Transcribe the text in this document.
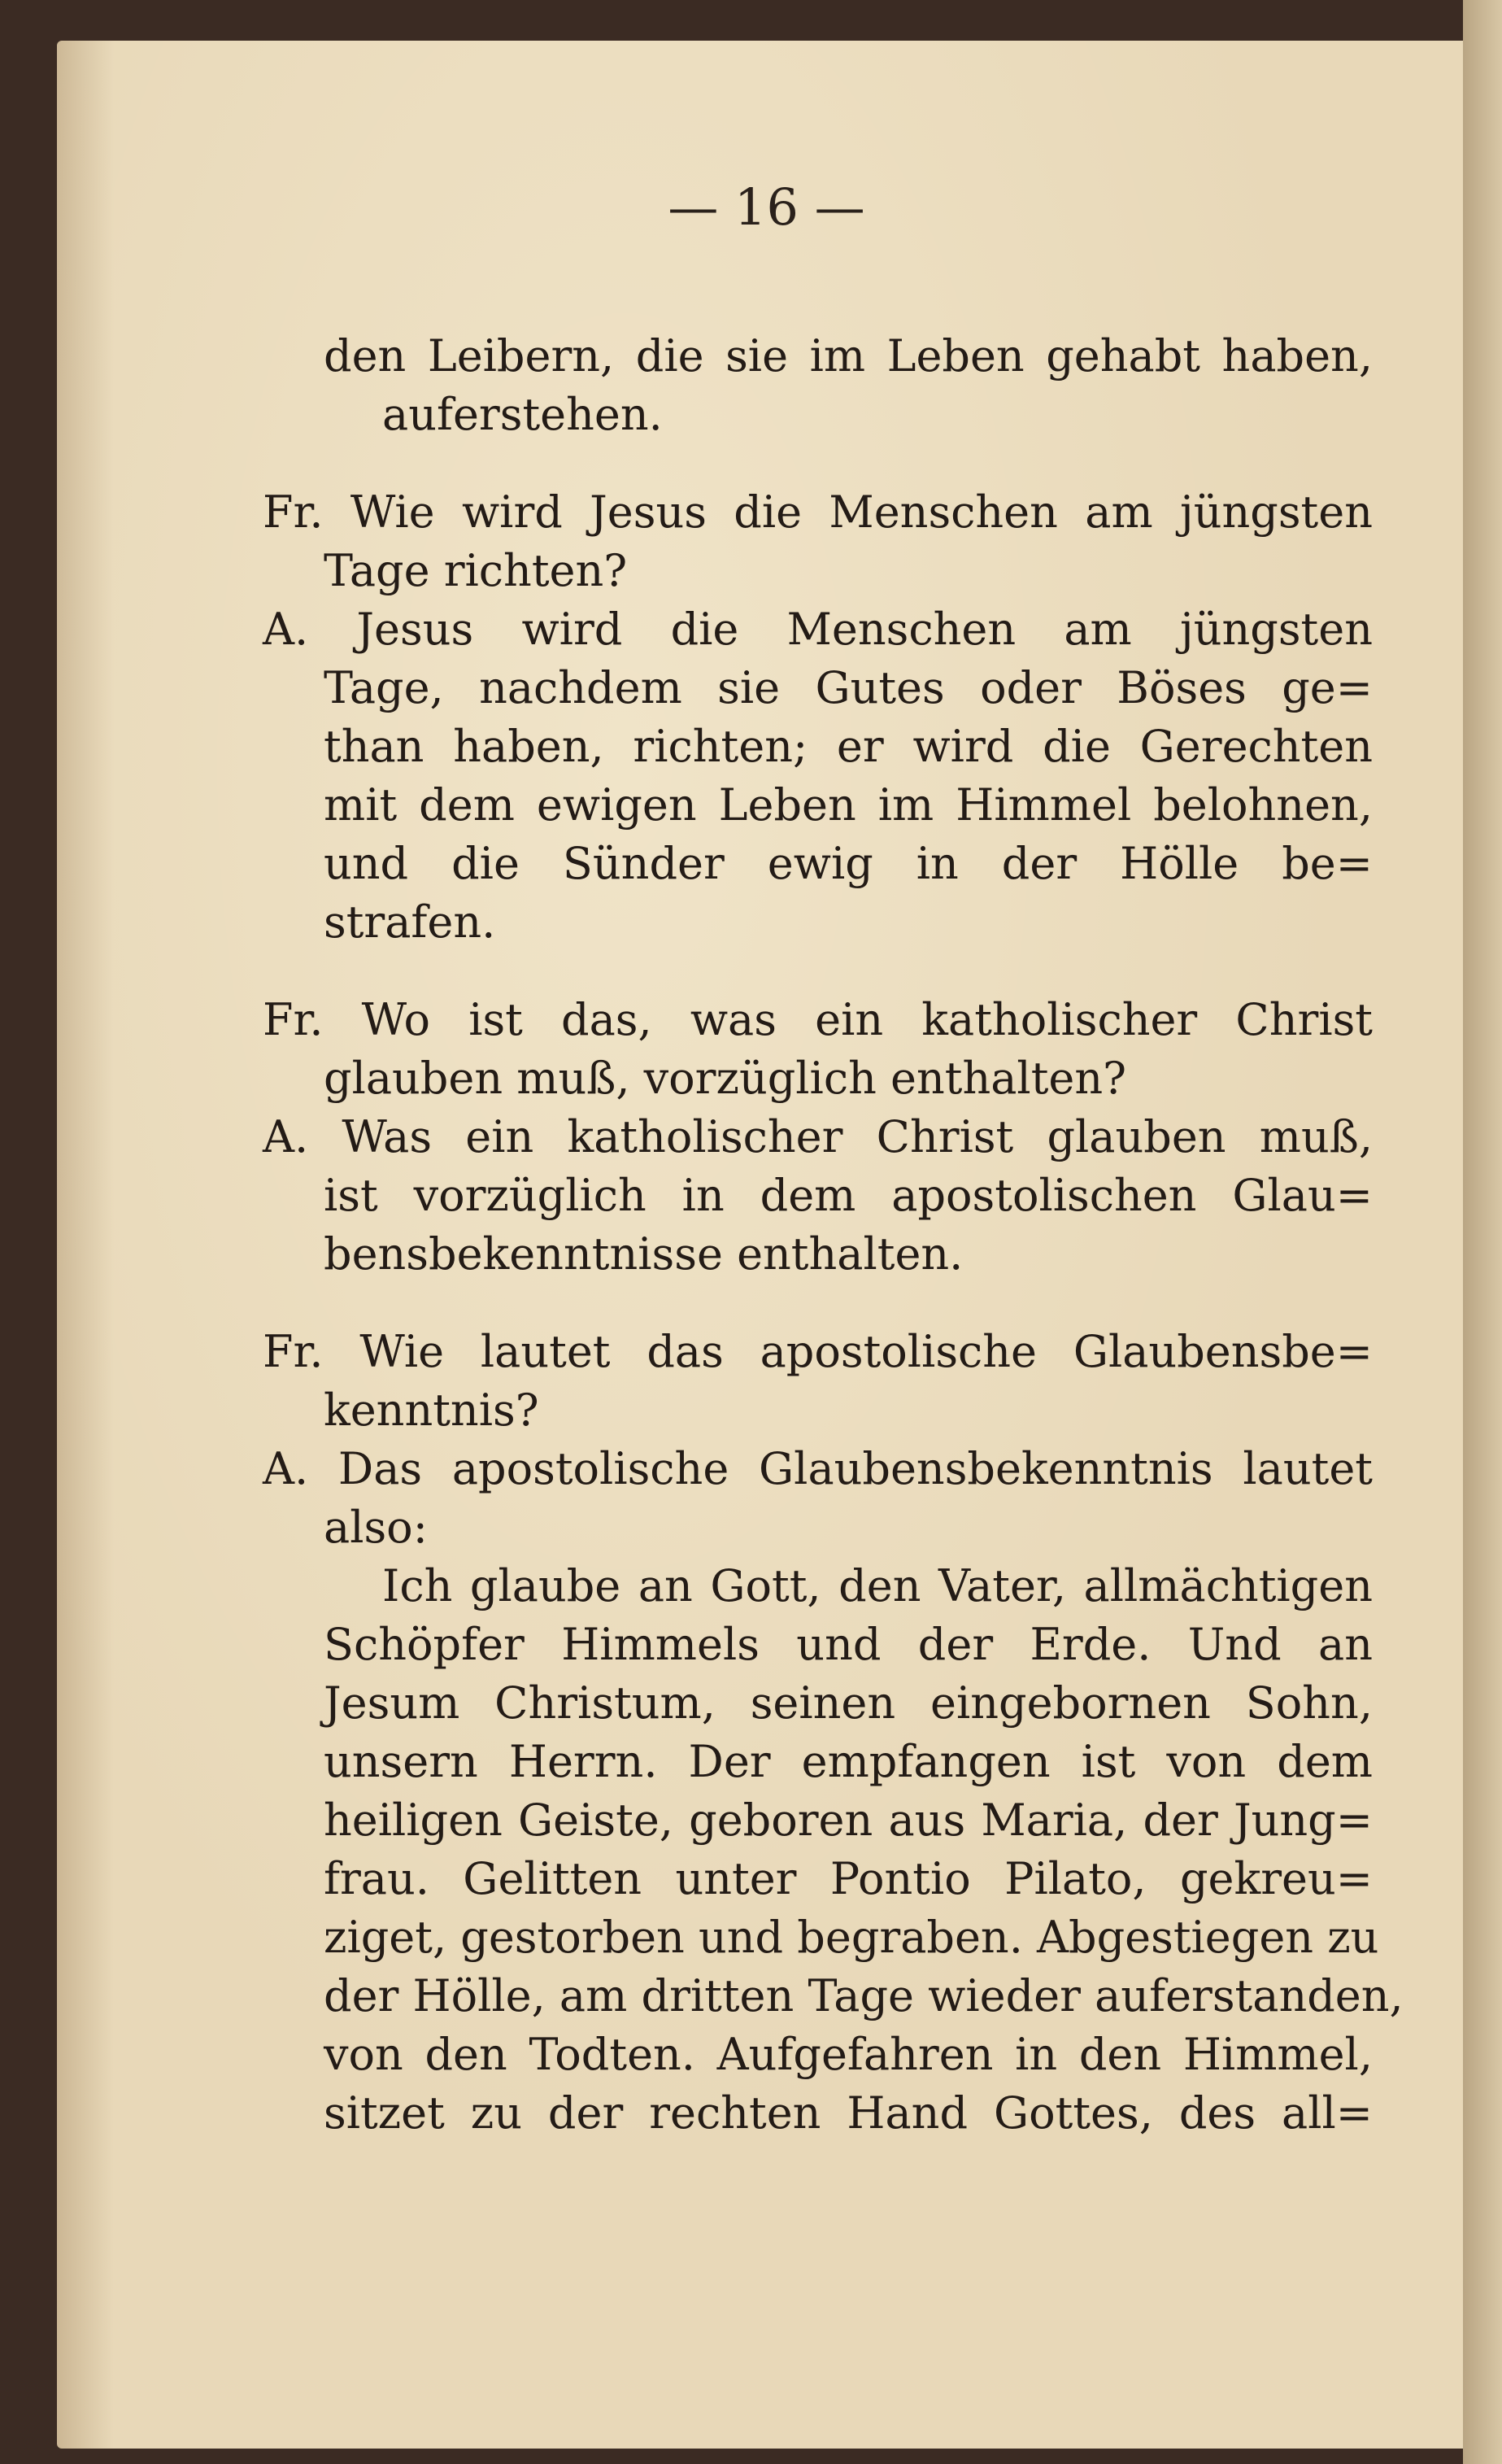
— 16 —
den Leibern, die sie im Leben gehabt haben,
auferstehen.
Fr. Wie wird Jesus die Menschen am jüngsten
Tage richten?
A. Jesus wird die Menschen am jüngsten
Tage, nachdem sie Gutes oder Böses ge=
than haben, richten; er wird die Gerechten
mit dem ewigen Leben im Himmel belohnen,
und die Sünder ewig in der Hölle be=
strafen.
Fr. Wo ist das, was ein katholischer Christ
glauben muß, vorzüglich enthalten?
A. Was ein katholischer Christ glauben muß,
ist vorzüglich in dem apostolischen Glau=
bensbekenntnisse enthalten.
Fr. Wie lautet das apostolische Glaubensbe=
kenntnis?
A. Das apostolische Glaubensbekenntnis lautet
also:
Ich glaube an Gott, den Vater, allmächtigen
Schöpfer Himmels und der Erde. Und an
Jesum Christum, seinen eingebornen Sohn,
unsern Herrn. Der empfangen ist von dem
heiligen Geiste, geboren aus Maria, der Jung=
frau. Gelitten unter Pontio Pilato, gekreu=
ziget, gestorben und begraben. Abgestiegen zu
der Hölle, am dritten Tage wieder auferstanden,
von den Todten. Aufgefahren in den Himmel,
sitzet zu der rechten Hand Gottes, des all=
